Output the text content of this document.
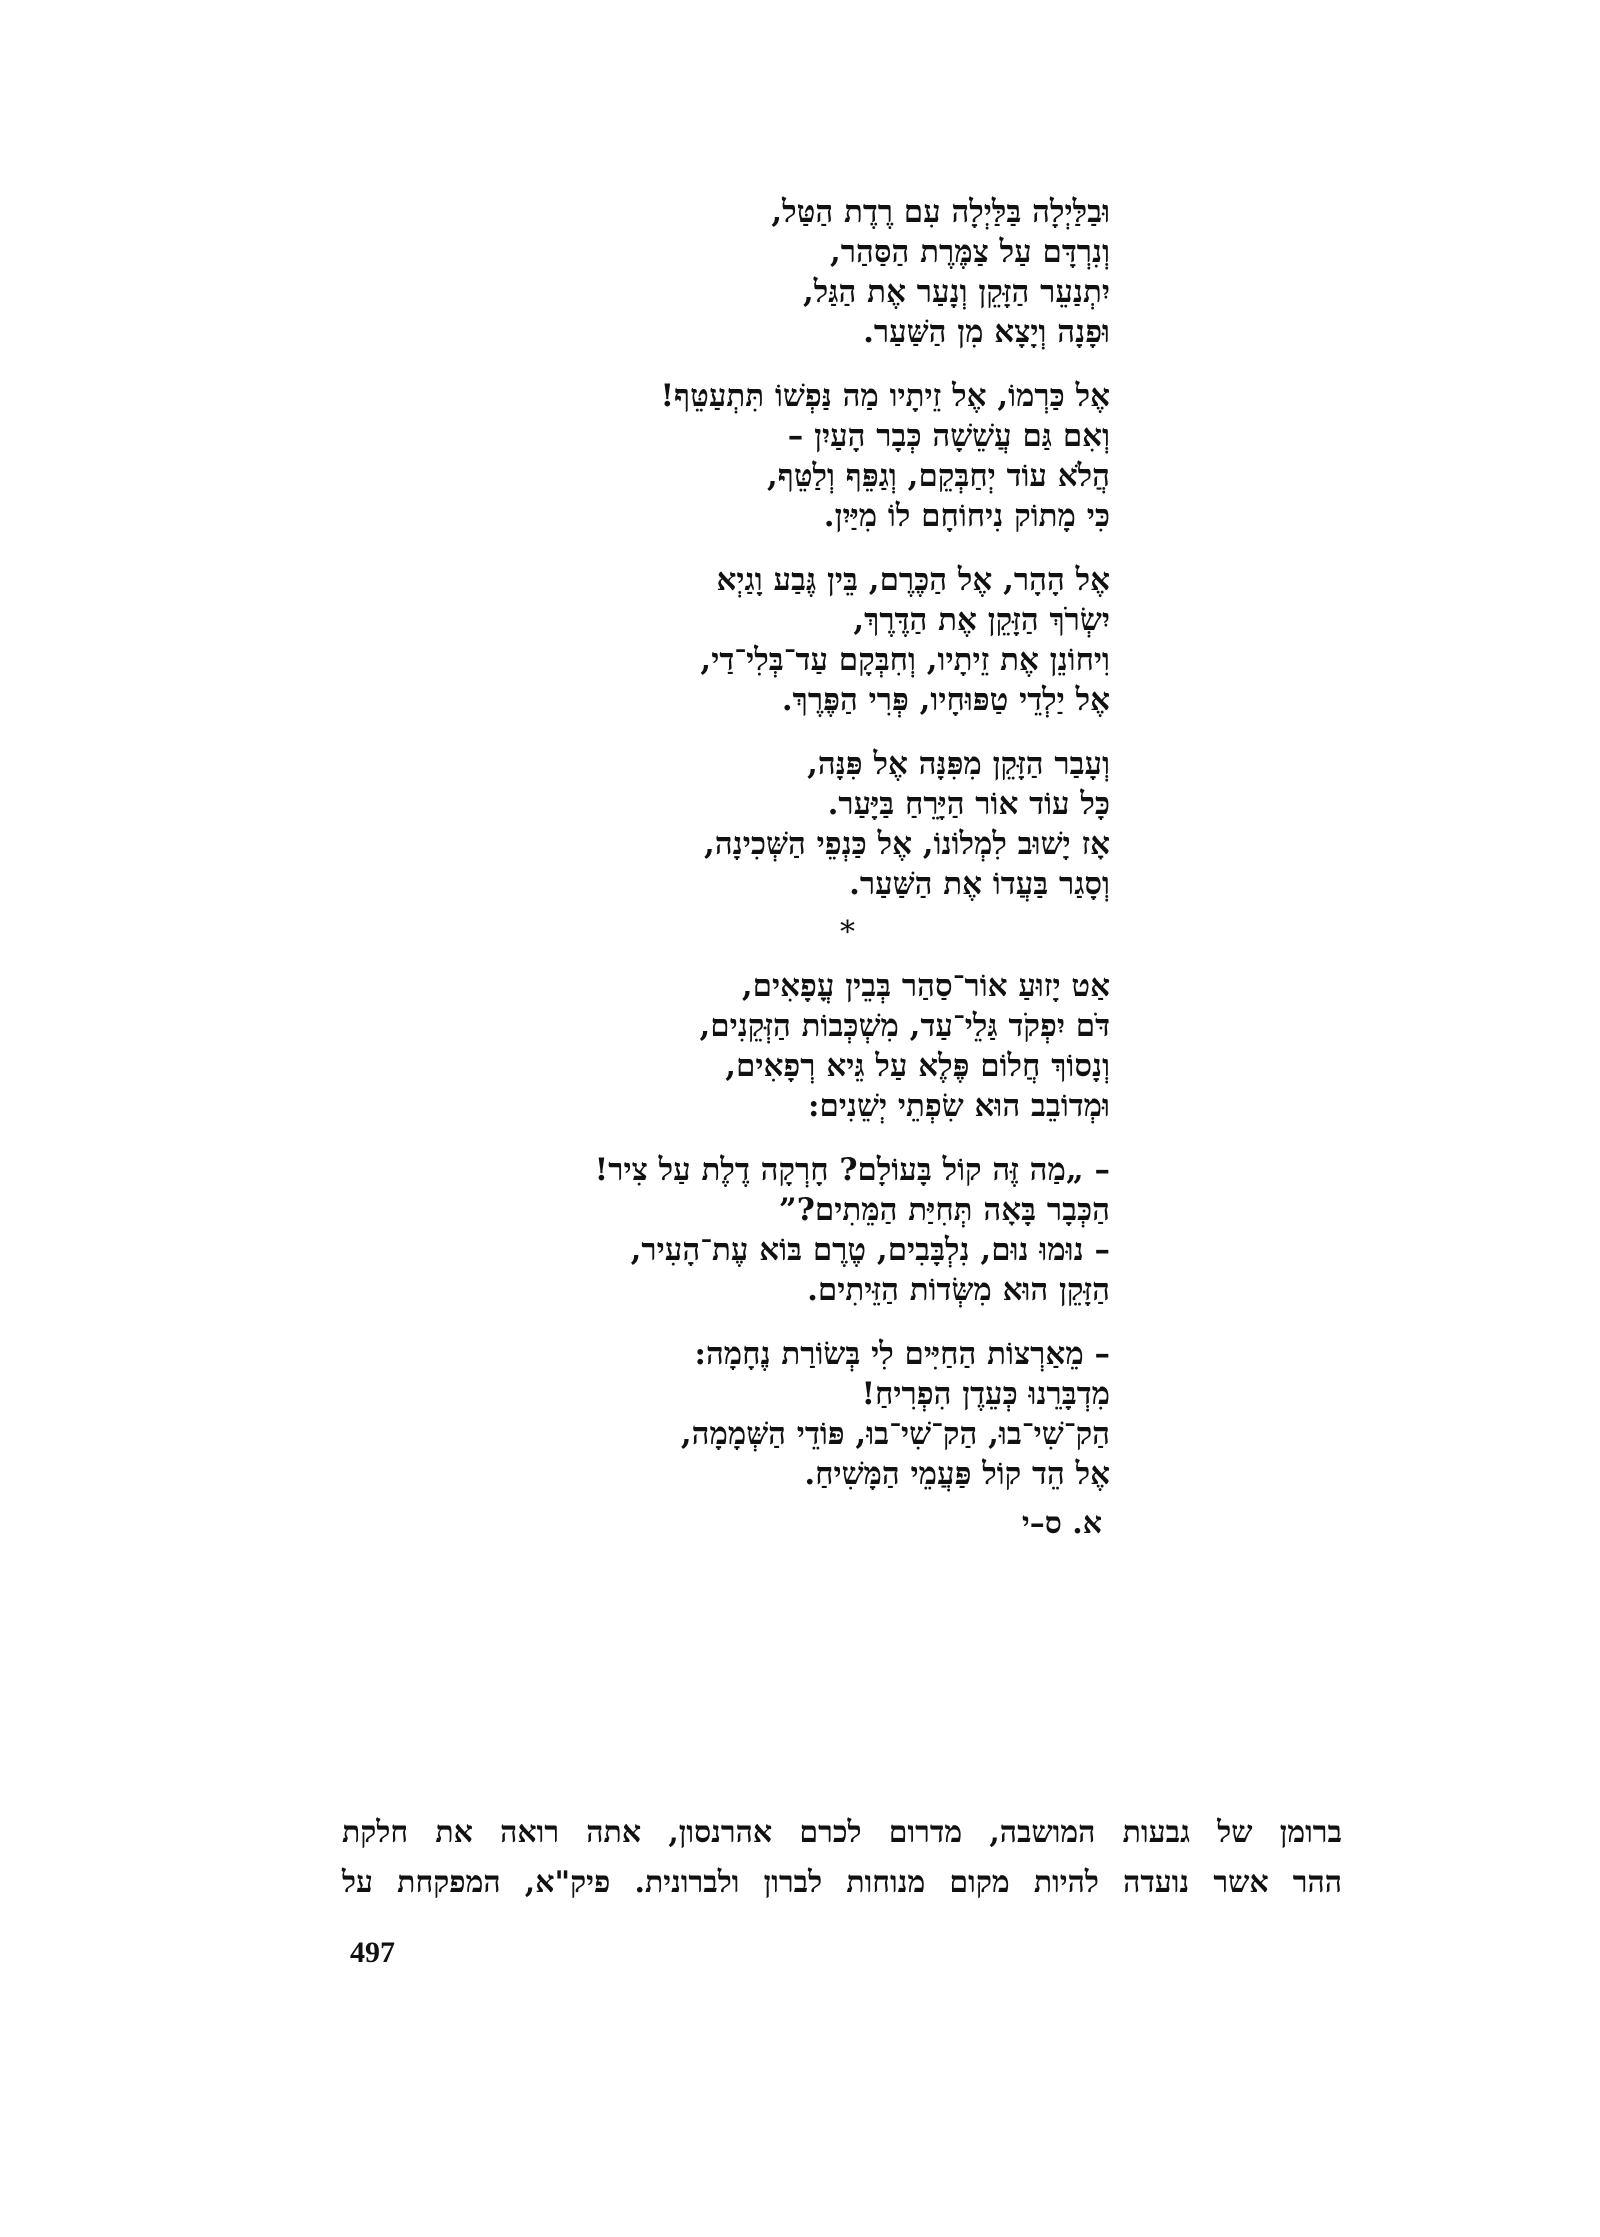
וּבַלַּיְלָה בַּלַּיְלָה עִם רֶדֶת הַטַּל,
וְנִרְדָּם עַל צַמֶּרֶת הַסַּהַר,
יִתְנַעֵר הַזָּקֵן וְנָעַר אֶת הַגַּל,
וּפָנָה וְיָצָא מִן הַשַּׁעַר.
אֶל כַּרְמוֹ, אֶל זֵיתָיו מַה נַּפְשׁוֹ תִּתְעַטֵּף!
וְאִם גַּם עֲשֵׁשָׁה כְּבָר הָעַיִן –
הֲלֹא עוֹד יְחַבְּקֵם, וְגַפֵּף וְלַטֵּף,
כִּי מָתוֹק נִיחוֹחָם לוֹ מִיַּיִן.
אֶל הָהָר, אֶל הַכֶּרֶם, בֵּין גֶּבַע וָגַיְא
יִשְׂרֹךְ הַזָּקֵן אֶת הַדֶּרֶךְ,
וִיחוֹנֵן אֶת זֵיתָיו, וְחִבְּקָם עַד־בְּלִי־דַי,
אֶל יַלְדֵי טַפּוּחָיו, פְּרִי הַפֶּרֶךְ.
וְעָבַר הַזָּקֵן מִפִּנָּה אֶל פִּנָּה,
כָּל עוֹד אוֹר הַיָּרֵחַ בַּיָּעַר.
אָז יָשׁוּב לִמְלוֹנוֹ, אֶל כַּנְפֵי הַשְּׁכִינָה,
וְסָגַר בַּעֲדוֹ אֶת הַשַּׁעַר.
*
אַט יָזוּעַ אוֹר־סַהַר בְּבֵין עֳפָאִים,
דֹּם יִפְקֹד גַּלֵי־עַד, מִשְׁכְּבוֹת הַזְּקֵנִים,
וְנָסוֹךְ חֲלוֹם פֶּלֶא עַל גֵּיא רְפָאִים,
וּמְדוֹבֵב הוּא שִׂפְתֵי יְשֵׁנִים:
– „מַה זֶּה קוֹל בָּעוֹלָם? חָרְקָה דֶלֶת עַל צִיר!
הַכְּבָר בָּאָה תְּחִיַּת הַמֵּתִים?”
– נוּמוּ נוּם, נִלְבָּבִים, טֶרֶם בּוֹא עֶת־הָעִיר,
הַזָּקֵן הוּא מִשְּׂדוֹת הַזֵּיתִים.
– מֵאַרְצוֹת הַחַיִּים לִי בְּשׂוֹרַת נֶחָמָה:
מִדְבָּרֵנוּ כְּעֵדֶן הִפְרִיחַ!
הַק־שִׁי־בוּ, הַק־שִׁי־בוּ, פּוֹדֵי הַשְּׁמָמָה,
אֶל הֵד קוֹל פַּעֲמֵי הַמָּשִׁיחַ.
א. ס–י
ברומן של גבעות המושבה, מדרום לכרם אהרנסון, אתה רואה את חלקת
ההר אשר נועדה להיות מקום מנוחות לברון ולברונית. פיק"א, המפקחת על
497
